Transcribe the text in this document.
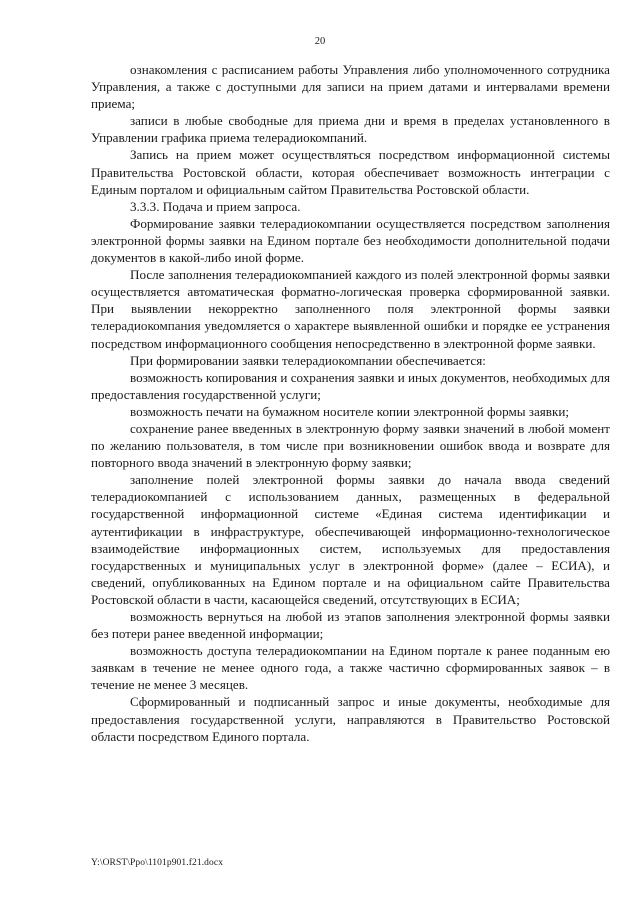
20

ознакомления с расписанием работы Управления либо уполномоченного сотрудника Управления, а также с доступными для записи на прием датами и интервалами времени приема;

записи в любые свободные для приема дни и время в пределах установленного в Управлении графика приема телерадиокомпаний.

Запись на прием может осуществляться посредством информационной системы Правительства Ростовской области, которая обеспечивает возможность интеграции с Единым порталом и официальным сайтом Правительства Ростовской области.

3.3.3. Подача и прием запроса.

Формирование заявки телерадиокомпании осуществляется посредством заполнения электронной формы заявки на Едином портале без необходимости дополнительной подачи документов в какой-либо иной форме.

После заполнения телерадиокомпанией каждого из полей электронной формы заявки осуществляется автоматическая форматно-логическая проверка сформированной заявки. При выявлении некорректно заполненного поля электронной формы заявки телерадиокомпания уведомляется о характере выявленной ошибки и порядке ее устранения посредством информационного сообщения непосредственно в электронной форме заявки.

При формировании заявки телерадиокомпании обеспечивается:

возможность копирования и сохранения заявки и иных документов, необходимых для предоставления государственной услуги;

возможность печати на бумажном носителе копии электронной формы заявки;

сохранение ранее введенных в электронную форму заявки значений в любой момент по желанию пользователя, в том числе при возникновении ошибок ввода и возврате для повторного ввода значений в электронную форму заявки;

заполнение полей электронной формы заявки до начала ввода сведений телерадиокомпанией с использованием данных, размещенных в федеральной государственной информационной системе «Единая система идентификации и аутентификации в инфраструктуре, обеспечивающей информационно-технологическое взаимодействие информационных систем, используемых для предоставления государственных и муниципальных услуг в электронной форме» (далее – ЕСИА), и сведений, опубликованных на Едином портале и на официальном сайте Правительства Ростовской области в части, касающейся сведений, отсутствующих в ЕСИА;

возможность вернуться на любой из этапов заполнения электронной формы заявки без потери ранее введенной информации;

возможность доступа телерадиокомпании на Едином портале к ранее поданным ею заявкам в течение не менее одного года, а также частично сформированных заявок – в течение не менее 3 месяцев.

Сформированный и подписанный запрос и иные документы, необходимые для предоставления государственной услуги, направляются в Правительство Ростовской области посредством Единого портала.

Y:\ORST\Ppo\1101p901.f21.docx
